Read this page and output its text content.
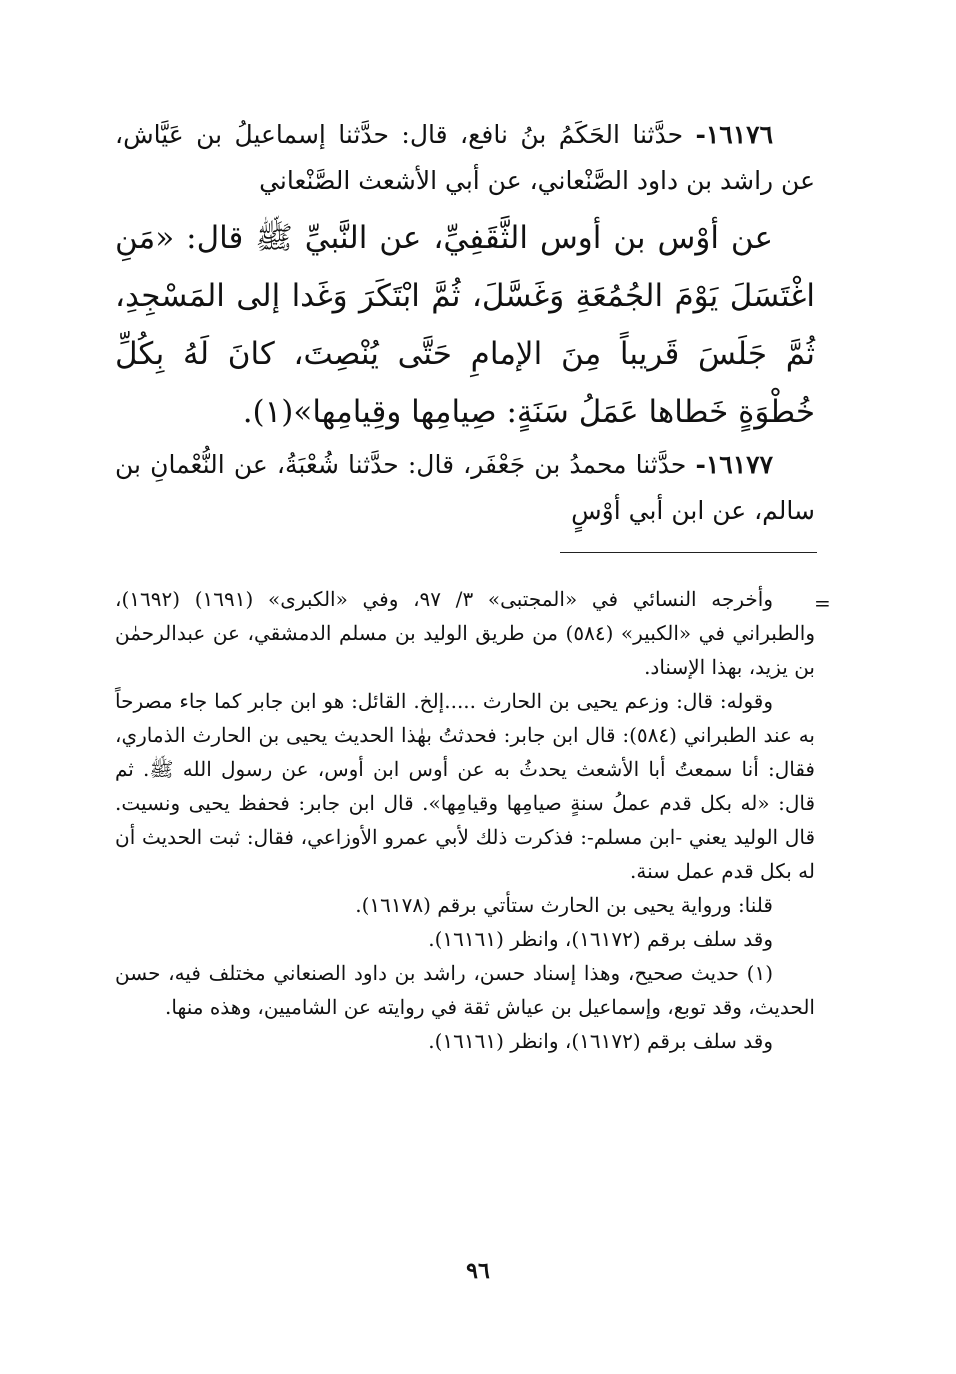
١٦١٧٦- حدَّثنا الحَكَمُ بنُ نافع، قال: حدَّثنا إسماعيلُ بن عَيَّاش، عن راشد بن داود الصَّنْعاني، عن أبي الأشعث الصَّنْعاني

عن أوْس بن أوس الثَّقَفِيِّ، عن النَّبيِّ ﷺ قال: «مَنِ اغْتَسَلَ يَوْمَ الجُمُعَةِ وَغَسَّلَ، ثُمَّ ابْتَكَرَ وَغَدا إلى المَسْجِدِ، ثُمَّ جَلَسَ قَريباً مِنَ الإمامِ حَتَّى يُنْصِتَ، كانَ لَهُ بِكُلِّ خُطْوَةٍ خَطاها عَمَلُ سَنَةٍ: صِيامِها وقِيامِها»(١).

١٦١٧٧- حدَّثنا محمدُ بن جَعْفَر، قال: حدَّثنا شُعْبَةُ، عن النُّعْمانِ بن سالم، عن ابن أبي أوْسٍ

=

وأخرجه النسائي في «المجتبى» ٣/ ٩٧، وفي «الكبرى» (١٦٩١) (١٦٩٢)، والطبراني في «الكبير» (٥٨٤) من طريق الوليد بن مسلم الدمشقي، عن عبدالرحمٰن بن يزيد، بهذا الإسناد.

وقوله: قال: وزعم يحيى بن الحارث .....إلخ. القائل: هو ابن جابر كما جاء مصرحاً به عند الطبراني (٥٨٤): قال ابن جابر: فحدثتُ بهٰذا الحديث يحيى بن الحارث الذماري، فقال: أنا سمعتُ أبا الأشعث يحدثُ به عن أوس ابن أوس، عن رسول الله ﷺ. ثم قال: «له بكل قدم عملُ سنةٍ صيامِها وقيامِها». قال ابن جابر: فحفظ يحيى ونسيت. قال الوليد يعني -ابن مسلم-: فذكرت ذلك لأبي عمرو الأوزاعي، فقال: ثبت الحديث أن له بكل قدم عمل سنة.

قلنا: ورواية يحيى بن الحارث ستأتي برقم (١٦١٧٨).

وقد سلف برقم (١٦١٧٢)، وانظر (١٦١٦١).

(١) حديث صحيح، وهذا إسناد حسن، راشد بن داود الصنعاني مختلف فيه، حسن الحديث، وقد توبع، وإسماعيل بن عياش ثقة في روايته عن الشاميين، وهذه منها.

وقد سلف برقم (١٦١٧٢)، وانظر (١٦١٦١).

٩٦
